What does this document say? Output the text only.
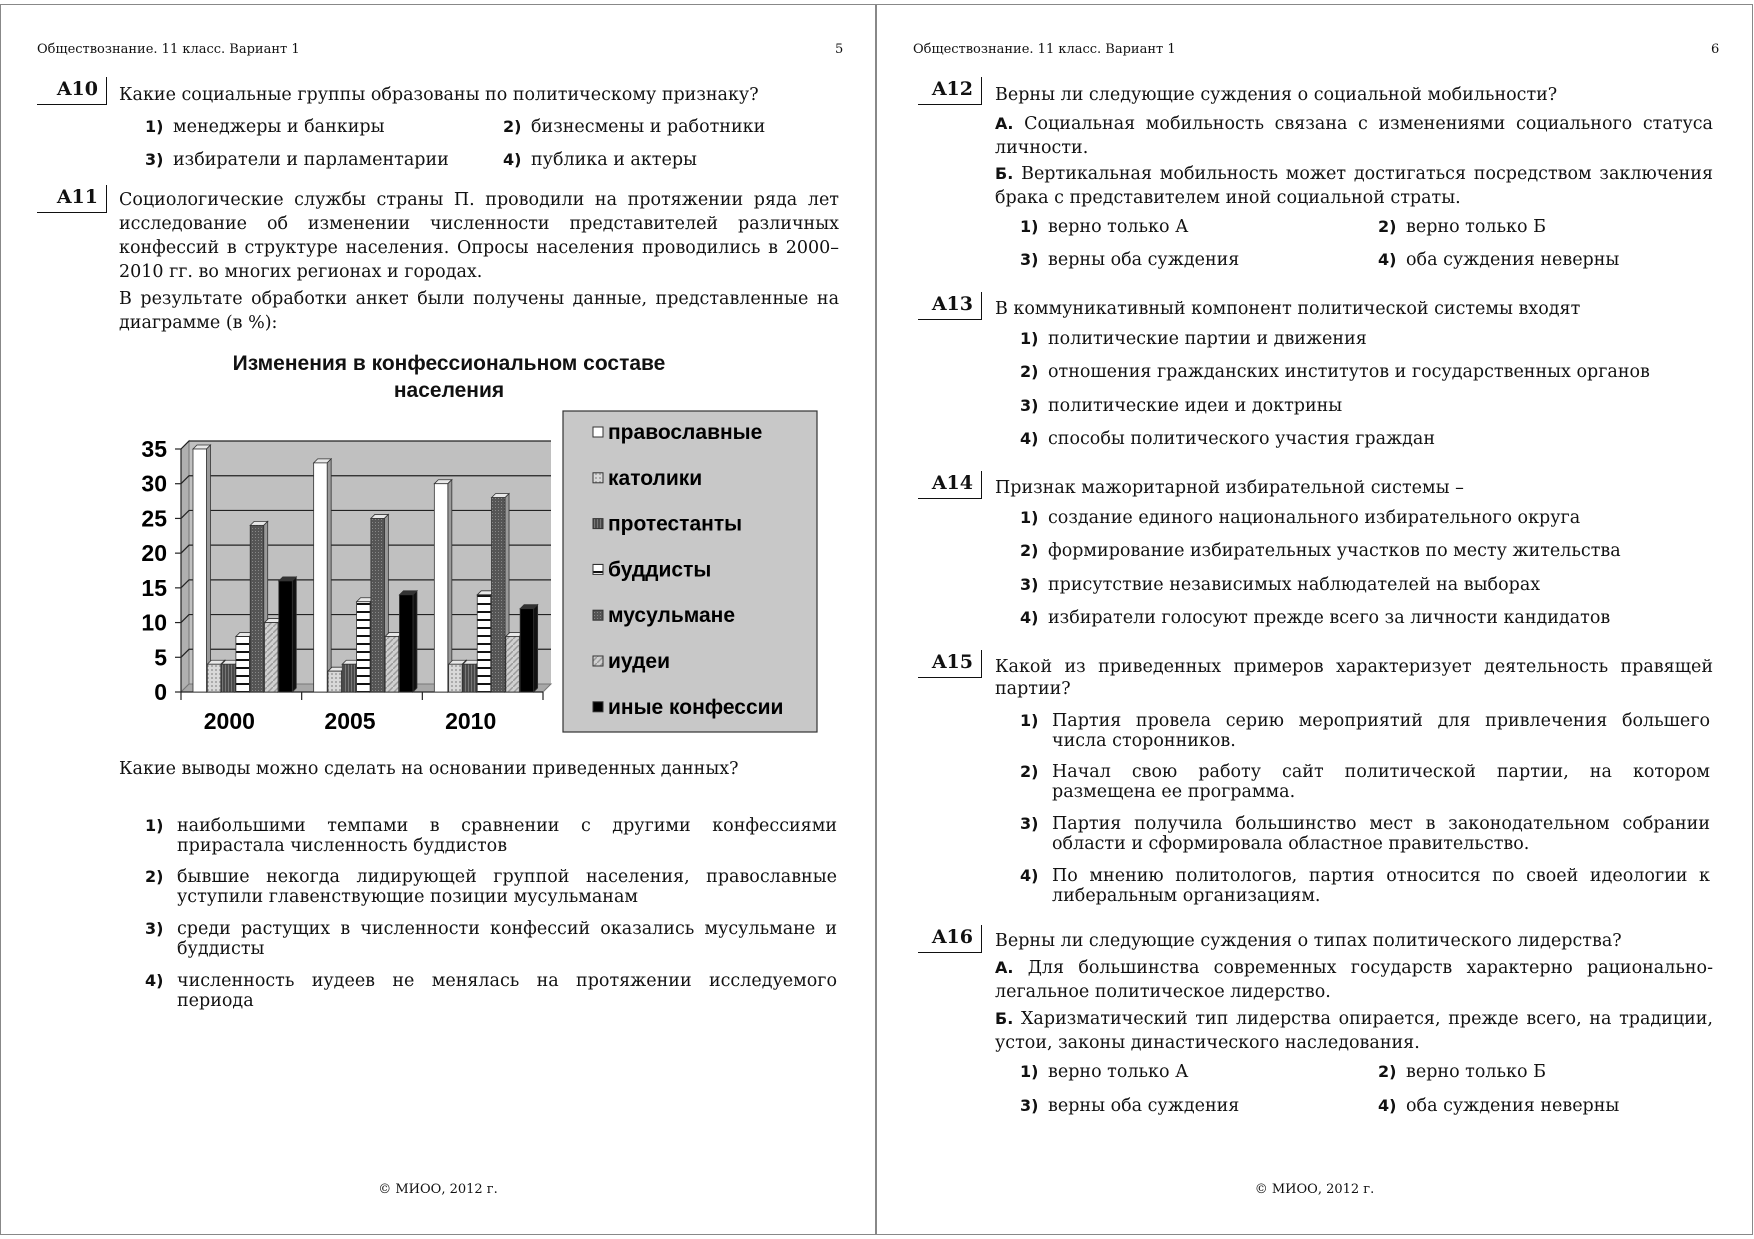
Обществознание. 11 класс. Вариант 1	5
A10	Какие социальные группы образованы по политическому признаку?
1) менеджеры и банкиры	2) бизнесмены и работники
3) избиратели и парламентарии	4) публика и актеры
A11	Социологические службы страны П. проводили на протяжении ряда лет исследование об изменении численности представителей различных конфессий в структуре населения. Опросы населения проводились в 2000–2010 гг. во многих регионах и городах.
В результате обработки анкет были получены данные, представленные на диаграмме (в %):
Изменения в конфессиональном составе
населения
0
5
10
15
20
25
30
35
2000	2005	2010
православные
католики
протестанты
буддисты
мусульмане
иудеи
иные конфессии
Какие выводы можно сделать на основании приведенных данных?
1) наибольшими темпами в сравнении с другими конфессиями прирастала численность буддистов
2) бывшие некогда лидирующей группой населения, православные уступили главенствующие позиции мусульманам
3) среди растущих в численности конфессий оказались мусульмане и буддисты
4) численность иудеев не менялась на протяжении исследуемого периода
© МИОО, 2012 г.
Обществознание. 11 класс. Вариант 1	6
A12	Верны ли следующие суждения о социальной мобильности?
А. Социальная мобильность связана с изменениями социального статуса личности.
Б. Вертикальная мобильность может достигаться посредством заключения брака с представителем иной социальной страты.
1) верно только А	2) верно только Б
3) верны оба суждения	4) оба суждения неверны
A13	В коммуникативный компонент политической системы входят
1) политические партии и движения
2) отношения гражданских институтов и государственных органов
3) политические идеи и доктрины
4) способы политического участия граждан
A14	Признак мажоритарной избирательной системы –
1) создание единого национального избирательного округа
2) формирование избирательных участков по месту жительства
3) присутствие независимых наблюдателей на выборах
4) избиратели голосуют прежде всего за личности кандидатов
A15	Какой из приведенных примеров характеризует деятельность правящей партии?
1) Партия провела серию мероприятий для привлечения большего числа сторонников.
2) Начал свою работу сайт политической партии, на котором размещена ее программа.
3) Партия получила большинство мест в законодательном собрании области и сформировала областное правительство.
4) По мнению политологов, партия относится по своей идеологии к либеральным организациям.
A16	Верны ли следующие суждения о типах политического лидерства?
А. Для большинства современных государств характерно рационально-легальное политическое лидерство.
Б. Харизматический тип лидерства опирается, прежде всего, на традиции, устои, законы династического наследования.
1) верно только А	2) верно только Б
3) верны оба суждения	4) оба суждения неверны
© МИОО, 2012 г.
